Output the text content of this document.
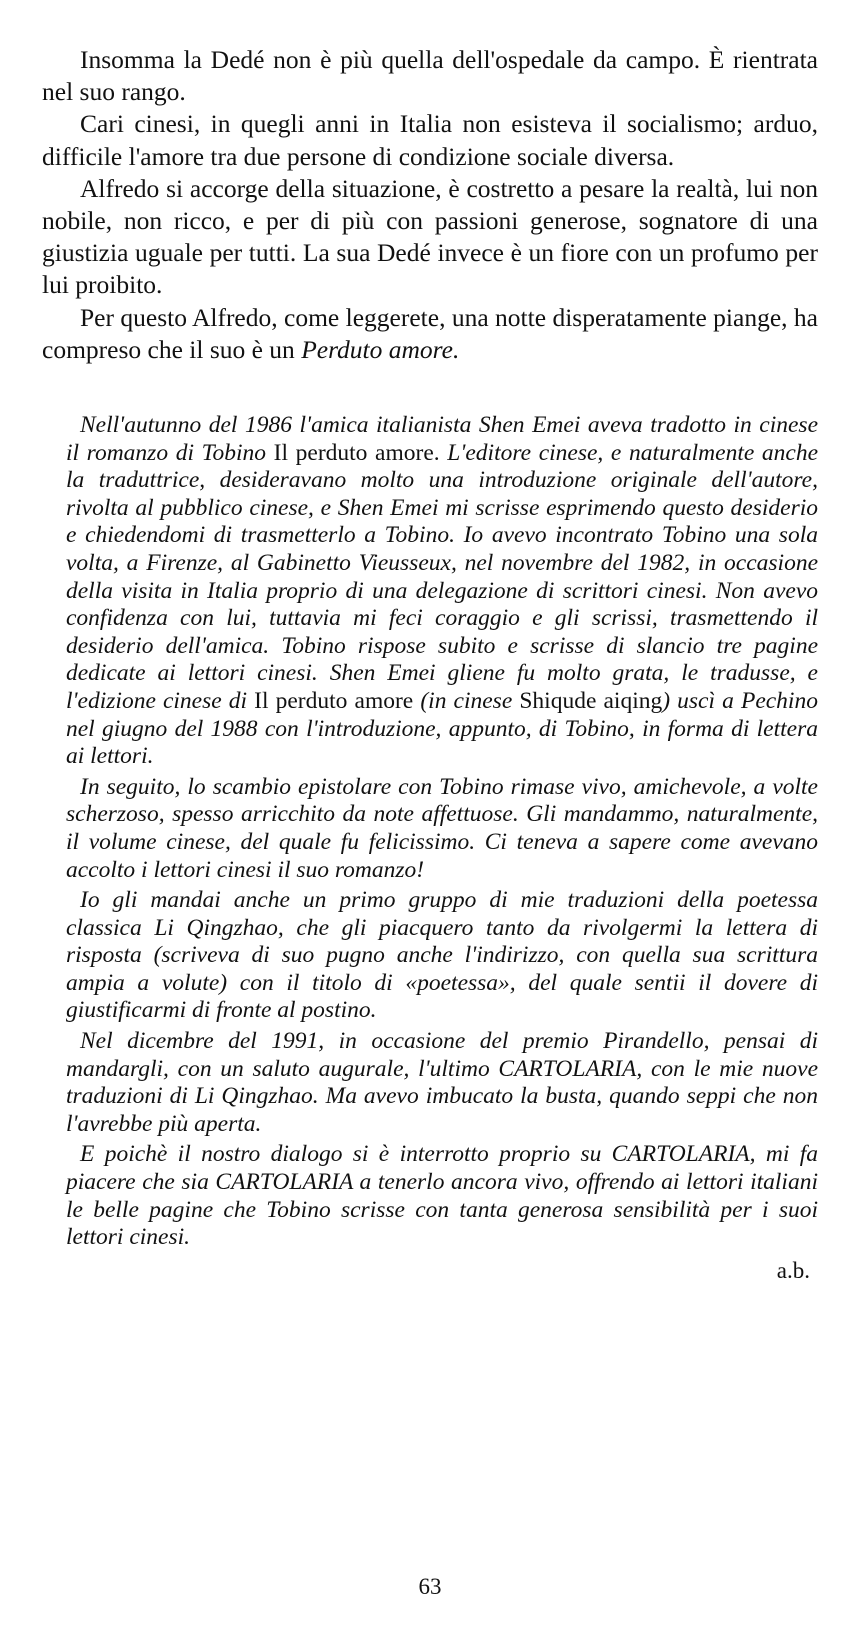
Insomma la Dedé non è più quella dell'ospedale da campo. È rientrata nel suo rango.

Cari cinesi, in quegli anni in Italia non esisteva il socialismo; arduo, difficile l'amore tra due persone di condizione sociale diversa.

Alfredo si accorge della situazione, è costretto a pesare la realtà, lui non nobile, non ricco, e per di più con passioni generose, sognatore di una giustizia uguale per tutti. La sua Dedé invece è un fiore con un profumo per lui proibito.

Per questo Alfredo, come leggerete, una notte disperatamente piange, ha compreso che il suo è un Perduto amore.

Nell'autunno del 1986 l'amica italianista Shen Emei aveva tradotto in cinese il romanzo di Tobino Il perduto amore. L'editore cinese, e naturalmente anche la traduttrice, desideravano molto una introduzione originale dell'autore, rivolta al pubblico cinese, e Shen Emei mi scrisse esprimendo questo desiderio e chiedendomi di trasmetterlo a Tobino. Io avevo incontrato Tobino una sola volta, a Firenze, al Gabinetto Vieusseux, nel novembre del 1982, in occasione della visita in Italia proprio di una delegazione di scrittori cinesi. Non avevo confidenza con lui, tuttavia mi feci coraggio e gli scrissi, trasmettendo il desiderio dell'amica. Tobino rispose subito e scrisse di slancio tre pagine dedicate ai lettori cinesi. Shen Emei gliene fu molto grata, le tradusse, e l'edizione cinese di Il perduto amore (in cinese Shiqude aiqing) uscì a Pechino nel giugno del 1988 con l'introduzione, appunto, di Tobino, in forma di lettera ai lettori.

In seguito, lo scambio epistolare con Tobino rimase vivo, amichevole, a volte scherzoso, spesso arricchito da note affettuose. Gli mandammo, naturalmente, il volume cinese, del quale fu felicissimo. Ci teneva a sapere come avevano accolto i lettori cinesi il suo romanzo!

Io gli mandai anche un primo gruppo di mie traduzioni della poetessa classica Li Qingzhao, che gli piacquero tanto da rivolgermi la lettera di risposta (scriveva di suo pugno anche l'indirizzo, con quella sua scrittura ampia a volute) con il titolo di «poetessa», del quale sentii il dovere di giustificarmi di fronte al postino.

Nel dicembre del 1991, in occasione del premio Pirandello, pensai di mandargli, con un saluto augurale, l'ultimo CARTOLARIA, con le mie nuove traduzioni di Li Qingzhao. Ma avevo imbucato la busta, quando seppi che non l'avrebbe più aperta.

E poichè il nostro dialogo si è interrotto proprio su CARTOLARIA, mi fa piacere che sia CARTOLARIA a tenerlo ancora vivo, offrendo ai lettori italiani le belle pagine che Tobino scrisse con tanta generosa sensibilità per i suoi lettori cinesi.

a.b.
63
